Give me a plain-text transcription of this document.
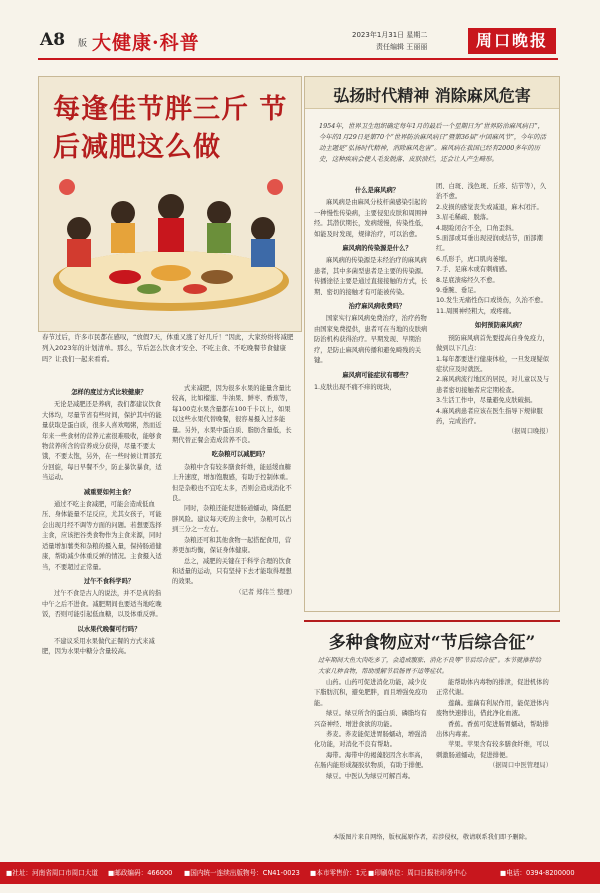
A8 版 大健康·科普	2023年1月31日 星期二
责任编辑 王丽丽	周口晚报
每逢佳节胖三斤 节后减肥这么做
春节过后，许多市民都在感叹，“放假7天，体重又涨了好几斤！”因此，大家纷纷将减肥列入2023年的计划清单。那么，节后怎么饮食才安全、不吃主食、不吃晚餐节食健康吗？让我们一起来看看。

怎样的度过方式比较健康？

无论是减肥还是养病，我们都建议饮食大体均，尽量节省有些时间，保护其中的能量获取是蛋白质，很多人喜欢喝粥，然而近年来一些食材的营养元素很难吸收，能够食物营养所含的营养成分获得，尽量不要太饿，不要太饱，另外，在一些时候让胃部充分回旋，每日早餐不少，防止暴饮暴食，适当运动。

减重要如何主食？

通过不吃主食减肥，可能会造成低血压、身体能量不足反应，尤其女孩子，可能会出现月经不调等方面的问题。若想要选择主食，应该把谷类食物作为主食来源，同时适量增加薯类和杂粮的摄入量，保持肠道健康，帮助减少体重反弹的情况。主食摄入适当，不要超过正常量。

过午不食科学吗？

过午不食是古人的说法，并不是真的指中午之后不进食。减肥期间也要适当地吃晚饭，否则可能引起低血糖，以及体重反弹。

以水果代晚餐可行吗？

不建议采用水果做代正餐的方式来减肥，因为水果中糖分含量较高。

式来减肥，因为很多水果的能量含量比较高，比如榴莲、牛油果、鲜枣、香蕉等，每100克水果含量都在100千卡以上，如果以这些水果代替晚餐，很容易摄入过多能量。另外，水果中蛋白质、脂肪含量低，长期代替正餐会造成营养不良。

吃杂粮可以减肥吗？

杂粮中含有较多膳食纤维，能延缓血糖上升速度，增加饱腹感，有助于控制体重。但是杂粮也不宜吃太多，否则会造成消化不良。

同时，杂粮还能促进肠道蠕动，降低肥胖风险。建议每天吃的主食中，杂粮可以占到三分之一左右。

杂粮还可和其他食物一起搭配食用，营养更加均衡，保证身体健康。

总之，减肥的关键在于科学合理的饮食和适量的运动，只有坚持下去才能取得理想的效果。

（记者 郑伟兰 整理）

弘扬时代精神 消除麻风危害
1954年，世界卫生组织确定每年1月的最后一个星期日为“世界防治麻风病日”，今年的1月29日是第70个“世界防治麻风病日”暨第36届“中国麻风节”，今年的活动主题是“弘扬时代精神，消除麻风危害”。麻风病在我国已经有2000多年的历史，这种疾病会使人毛发脱落、皮肤溃烂，还会让人产生畸形。

什么是麻风病？

麻风病是由麻风分枝杆菌感染引起的一种慢性传染病，主要侵犯皮肤和周围神经。其潜伏期长，发病缓慢，传染性低，如能及时发现，规律治疗，可以治愈。

麻风病的传染源是什么？

麻风病的传染源是未经治疗的麻风病患者，其中多菌型患者是主要的传染源。传播途径主要是通过直接接触的方式，长期、密切的接触才有可能被传染。

治疗麻风病收费吗？

国家实行麻风病免费治疗，治疗药物由国家免费提供，患者可在当地的皮肤病防治机构获得治疗。早期发现、早期治疗，是防止麻风病传播和避免畸残的关键。

麻风病可能症状有哪些？

1.皮肤出现不痛不痒的斑块，

团、白斑、浅色斑、丘疹、结节等），久治不愈。

2.皮损的感觉丧失或减退，麻木闭汗。

3.眉毛稀疏、脱落。

4.眼睑闭合不全，口角歪斜。

5.面部或耳垂出现浸润或结节，面部潮红。

6.爪形手，虎口肌肉萎缩。

7.手、足麻木或有刺痛感。

8.足底溃疡经久不愈。

9.垂腕、垂足。

10.发生无痛性伤口或烫伤，久治不愈。

11.周围神经粗大，或疼痛。

如何预防麻风病？

预防麻风病首先要提高自身免疫力，做到以下几点：

1.每年都要进行健康体检，一旦发现疑似症状应及时就医。

2.麻风病流行地区的居民，对儿童以及与患者密切接触者应定期检查。

3.生活工作中，尽量避免皮肤破损。

4.麻风病患者应该在医生指导下规律服药，完成治疗。

（据周口晚报）

多种食物应对“节后综合征”
过年期间大鱼大肉吃多了，会造成腹胀、消化不良等“节后综合征”。本节就推荐给大家几种食物，帮助缓解节后肠胃不适等症状。
本版图片来自网络，版权属原作者，若涉侵权，敬请联系我们即予删除。

山药。山药可促进消化功能，减少皮下脂肪沉积，避免肥胖，而且增强免疫功能。

绿豆。绿豆所含的蛋白质、磷脂均有兴奋神经、增进食欲的功能。

荞麦。荞麦能促进胃肠蠕动，增强消化功能，对消化不良有帮助。

海带。海带中的褐藻胶因含水率高，在肠内能形成凝胶状物质，有助于排便。

绿豆。中医认为绿豆可解百毒。

能帮助体内毒物的排泄，促进机体的正常代谢。

莲藕。莲藕有利尿作用，能促进体内废物快速排出，借此净化血液。

香蕉。香蕉可促进肠胃蠕动，帮助排出体内毒素。

苹果。苹果含有较多膳食纤维，可以刺激肠道蠕动，促进排便。

（据周口中医管理局）

■社址：河南省周口市周口大道 ■邮政编码：466000 ■国内统一连续出版物号：CN41-0023 ■本市零售价：1元 ■印刷单位：周口日报社印务中心	■电话：0394-8200000
